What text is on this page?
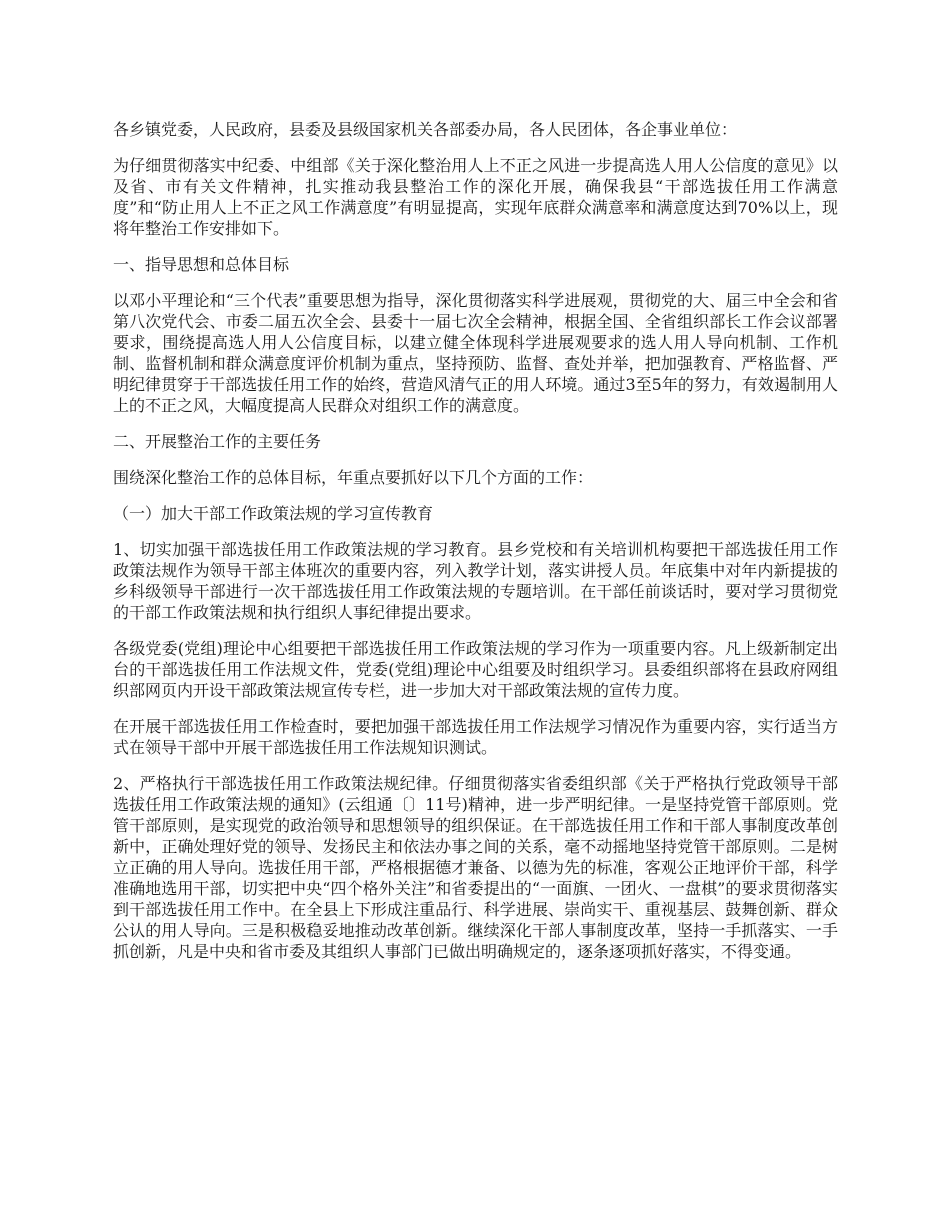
各乡镇党委，人民政府，县委及县级国家机关各部委办局，各人民团体，各企事业单位：

为仔细贯彻落实中纪委、中组部《关于深化整治用人上不正之风进一步提高选人用人公信度的意见》以及省、市有关文件精神，扎实推动我县整治工作的深化开展，确保我县“干部选拔任用工作满意度”和“防止用人上不正之风工作满意度”有明显提高，实现年底群众满意率和满意度达到70%以上，现将年整治工作安排如下。

一、指导思想和总体目标

以邓小平理论和“三个代表”重要思想为指导，深化贯彻落实科学进展观，贯彻党的大、届三中全会和省第八次党代会、市委二届五次全会、县委十一届七次全会精神，根据全国、全省组织部长工作会议部署要求，围绕提高选人用人公信度目标，以建立健全体现科学进展观要求的选人用人导向机制、工作机制、监督机制和群众满意度评价机制为重点，坚持预防、监督、查处并举，把加强教育、严格监督、严明纪律贯穿于干部选拔任用工作的始终，营造风清气正的用人环境。通过3至5年的努力，有效遏制用人上的不正之风，大幅度提高人民群众对组织工作的满意度。

二、开展整治工作的主要任务

围绕深化整治工作的总体目标，年重点要抓好以下几个方面的工作：

（一）加大干部工作政策法规的学习宣传教育

1、切实加强干部选拔任用工作政策法规的学习教育。县乡党校和有关培训机构要把干部选拔任用工作政策法规作为领导干部主体班次的重要内容，列入教学计划，落实讲授人员。年底集中对年内新提拔的乡科级领导干部进行一次干部选拔任用工作政策法规的专题培训。在干部任前谈话时，要对学习贯彻党的干部工作政策法规和执行组织人事纪律提出要求。

各级党委(党组)理论中心组要把干部选拔任用工作政策法规的学习作为一项重要内容。凡上级新制定出台的干部选拔任用工作法规文件，党委(党组)理论中心组要及时组织学习。县委组织部将在县政府网组织部网页内开设干部政策法规宣传专栏，进一步加大对干部政策法规的宣传力度。

在开展干部选拔任用工作检查时，要把加强干部选拔任用工作法规学习情况作为重要内容，实行适当方式在领导干部中开展干部选拔任用工作法规知识测试。

2、严格执行干部选拔任用工作政策法规纪律。仔细贯彻落实省委组织部《关于严格执行党政领导干部选拔任用工作政策法规的通知》(云组通〔〕11号)精神，进一步严明纪律。一是坚持党管干部原则。党管干部原则，是实现党的政治领导和思想领导的组织保证。在干部选拔任用工作和干部人事制度改革创新中，正确处理好党的领导、发扬民主和依法办事之间的关系，毫不动摇地坚持党管干部原则。二是树立正确的用人导向。选拔任用干部，严格根据德才兼备、以德为先的标准，客观公正地评价干部，科学准确地选用干部，切实把中央“四个格外关注”和省委提出的“一面旗、一团火、一盘棋”的要求贯彻落实到干部选拔任用工作中。在全县上下形成注重品行、科学进展、崇尚实干、重视基层、鼓舞创新、群众公认的用人导向。三是积极稳妥地推动改革创新。继续深化干部人事制度改革，坚持一手抓落实、一手抓创新，凡是中央和省市委及其组织人事部门已做出明确规定的，逐条逐项抓好落实，不得变通。
